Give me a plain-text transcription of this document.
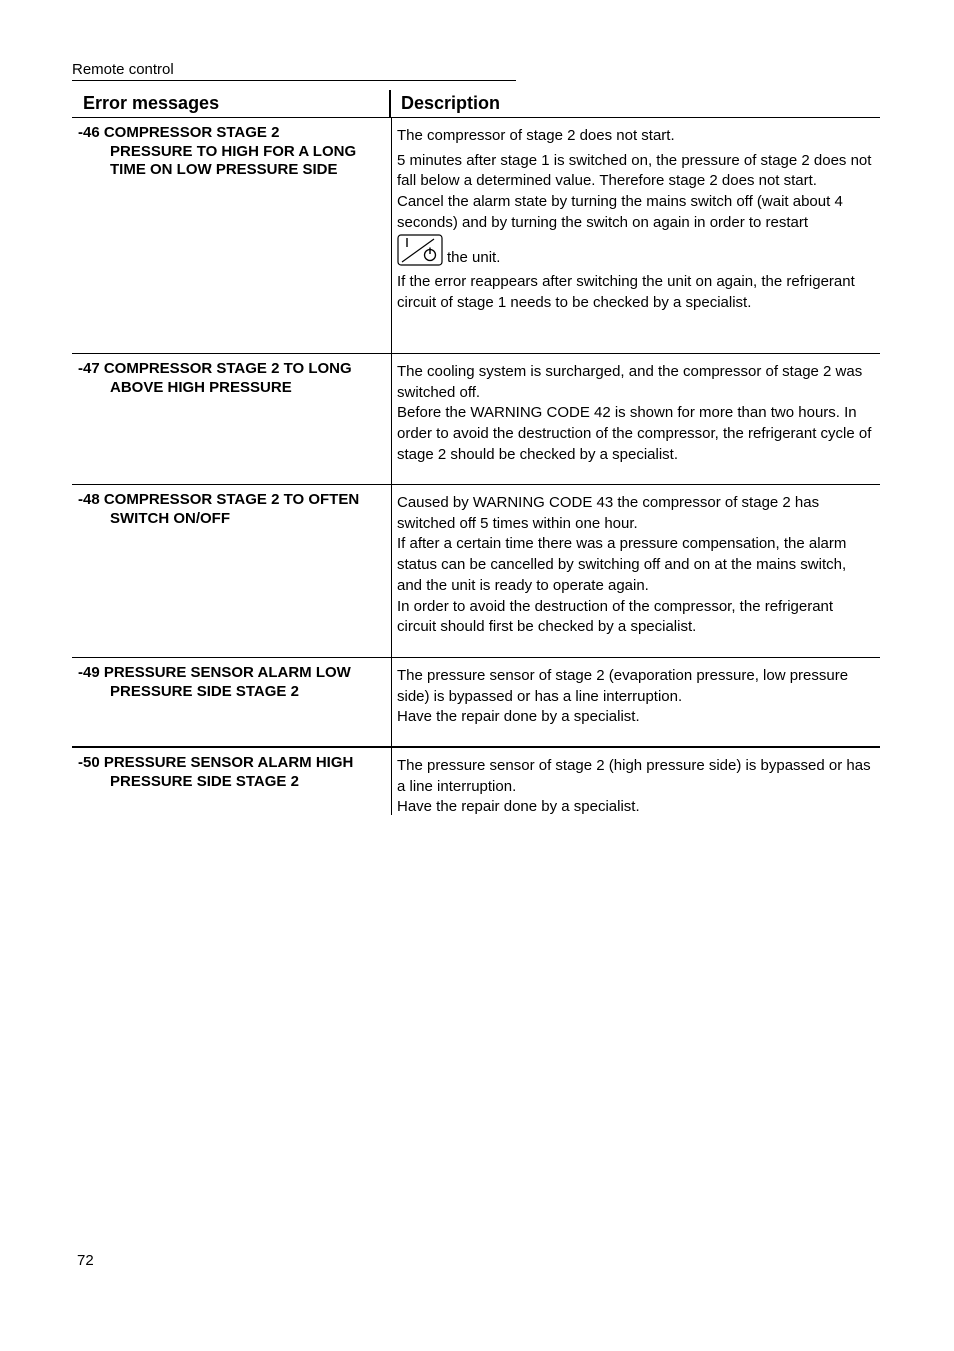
Remote control
Error messages	Description
-46 COMPRESSOR STAGE 2
PRESSURE TO HIGH FOR A LONG
TIME ON LOW PRESSURE SIDE

The compressor of stage 2 does not start.

5 minutes after stage 1 is switched on, the pressure of stage 2 does not fall below a determined value. Therefore stage 2 does not start.

Cancel the alarm state by turning the mains switch off (wait about 4 seconds) and by turning the switch on again in order to restart

the unit.

If the error reappears after switching the unit on again, the refrigerant circuit of stage 1 needs to be checked by a specialist.

-47 COMPRESSOR STAGE 2 TO LONG
ABOVE HIGH PRESSURE

The cooling system is surcharged, and the compressor of stage 2 was switched off.

Before the WARNING CODE 42 is shown for more than two hours. In order to avoid the destruction of the compressor, the refrigerant cycle of stage 2 should be checked by a specialist.

-48 COMPRESSOR STAGE 2 TO OFTEN
SWITCH ON/OFF

Caused by WARNING CODE 43 the compressor of stage 2 has switched off 5 times within one hour.

If after a certain time there was a pressure compensation, the alarm status can be cancelled by switching off and on at the mains switch, and the unit is ready to operate again.

In order to avoid the destruction of the compressor, the refrigerant circuit should first be checked by a specialist.

-49 PRESSURE SENSOR ALARM LOW
PRESSURE SIDE STAGE 2

The pressure sensor of stage 2 (evaporation pressure, low pressure side) is bypassed or has a line interruption.

Have the repair done by a specialist.

-50 PRESSURE SENSOR ALARM HIGH
PRESSURE SIDE STAGE 2

The pressure sensor of stage 2 (high pressure side) is bypassed or has a line interruption.

Have the repair done by a specialist.

72
